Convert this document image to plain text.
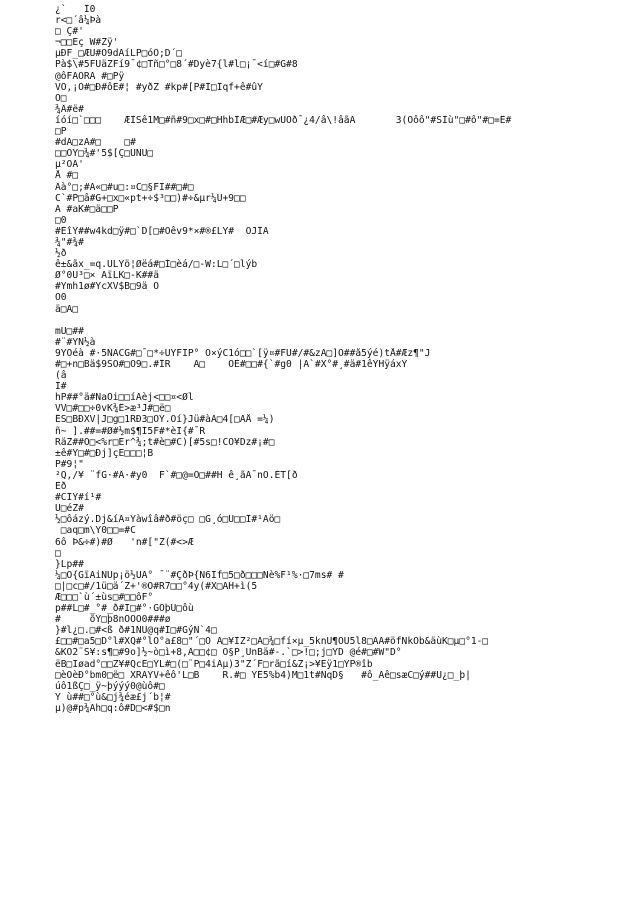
¿`   Î0
r<□´â¼Þà
□ Ç#'
¬□□Eç W#Zÿ'
µÐF_□ÆU#O9dÄíLP□óÕ;D´□
Pà$\#5FÜäZFí9¯¢□Tñ□°□8´#Dyè7{l#l□¡¯<í□#G#8
@ôFÄORÄ #□Pÿ
VÕ,¡Ö#□Ð#ôE#¦ #yðZ #kp#[P#Ì□Îqf+ê#ûY
Ö□
¾Â#ë#
íóí□`□□□    ÆÌSê1M□#ñ#9□x□#□HhbÎÆ□#Æy□wUÖð¯¿4/â\!âãÃ       3(Óôô"#SÌù"□#ô"#□=Ê#
□P
#dA□zA#□    □#
□□ÔÝ□¾#'5$[Ç□ÜNÜ□
µ²ÖÃ'
Å #□
Âà°□;#Ä«□#u□:¤C□§FI##□#□
C`#P□â#G+□x□«pt+÷$³□□)#÷&µr¼U+9□□
Ã #aK#□ä□□P
□0
#ÈîÝ##w4kd□ÿ#□`D[□#Öêv9*×#®£LY#  ÖJÎÄ
¾"#¾#
½ð
ê±&ãx_=q.ÜLÝö¦Øëá#□Í□èá/□-W:L□´□lýb
Ø°0Ü³□× ÄïLK□-K##ä
#Ymh1ø#YcXV$B□9ä Ô
Ó0
ä□A□
mÜ□##
#¨#ÝN½à
9YÓéà #·5NACG#□¯□*÷ÜYFIP° Ó×ýC1ó□□`[ÿ¤#FÜ#/#&zA□]Ó##å5ýé)tÅ#Æz¶"J
#□+n□Bä$9SÖ#□Ó9□.#ÎR    Ä□    ÕÈ#□□#{`#g0 |A`#X°#¸#ä#1êÝHÿáxÝ
(â
Ì#
hP##°ä#NaÖi□□íÃèj<□□¤<Øl
VV□#□□÷0vK¾Ê>æ³J#□ë□
ÊS□BÐXV|J□g□1RÐ3□ÖÝ.Oí}Jü#àÃ□4[□AÅ =¼)
ñ~ ].##=#Ø#½m$¶Ì5F#*èI{#¯R
RäZ##O□<%r□Er^¾;t#è□#C)[#5s□!CÖ¥Dz#¡#□
±ê#Ý□#□Ðj]çE□□□¦B
P#9¦"
²Q,/¥ ¨fG·#Â·#y0  F`#□@=O□##H ê¸ãÃ¯nÔ.ÈT[ð
Èð
#CÍÝ#í¹#
Ü□éZ#
½□ôázý.Dj&íÃ¤Ýàwîâ#ð#öç□ □G¸ó□U□□Î#¹Äö□
□aq□m\Y0□□=#C
6ô Þ&÷#)#Ø   'n#["Z(#<>Æ
□
}Lp##
¼□Ö{GïÄiNÜp¡ö½ÜÃ° ¯¨#ÇðÞ{N6If□5□ð□□□Nè%F¹%·□7ms# #
□|□c□#/1ü□ä´Z+'®Ö#R7□□°4y(#X□AH+ì(5
Æ□□□`ù´±ùs□#□□ôF°
p##L□#_°#_ð#I□#°·GOþÜ□ôù
#     õÝ□þ8nOÖÖ0###ø
}#l¿□.□#<ß ð#1NÜ@q#Ì□#GýN`4□
£□□#□a5□D°l#XQ#°lÖ°a£8□"´□Ö A□¥ÌZ²□Ã□¾□fí×µ_5knÜ¶ÖÛ5l8□AÃ#öfNkÖb&äùK□µ□°1-□
&KÖ2¨S¥:s¶□#9o]½~ò□ì+8,Ã□□¢□ Ö§P¸ÜnBä#-.`□>!□;j□ÝD @é#□#W"D°
ëB□Iøad°□□Z¥#QcE□ÝL#□(□¨P□4iÃµ)3"Z´F□rã□í&Z¡>¥Ëÿ1□ÝP®îb
□èÓèÐ°bm0□ë□ XRÄÝV+êô'L□B    R.#□ ÝÊ5%b4)M□1t#ÑqD§   #ô_Ãê□sæC□ý##Û¿□_þ|
úô1ßÇ□_ÿ~þýýý0@ùô#□
Y ù##□°ù&□j¾éæ£j´b¦#
µ)@#p¾Ah□q:ô#D□<#$□n
